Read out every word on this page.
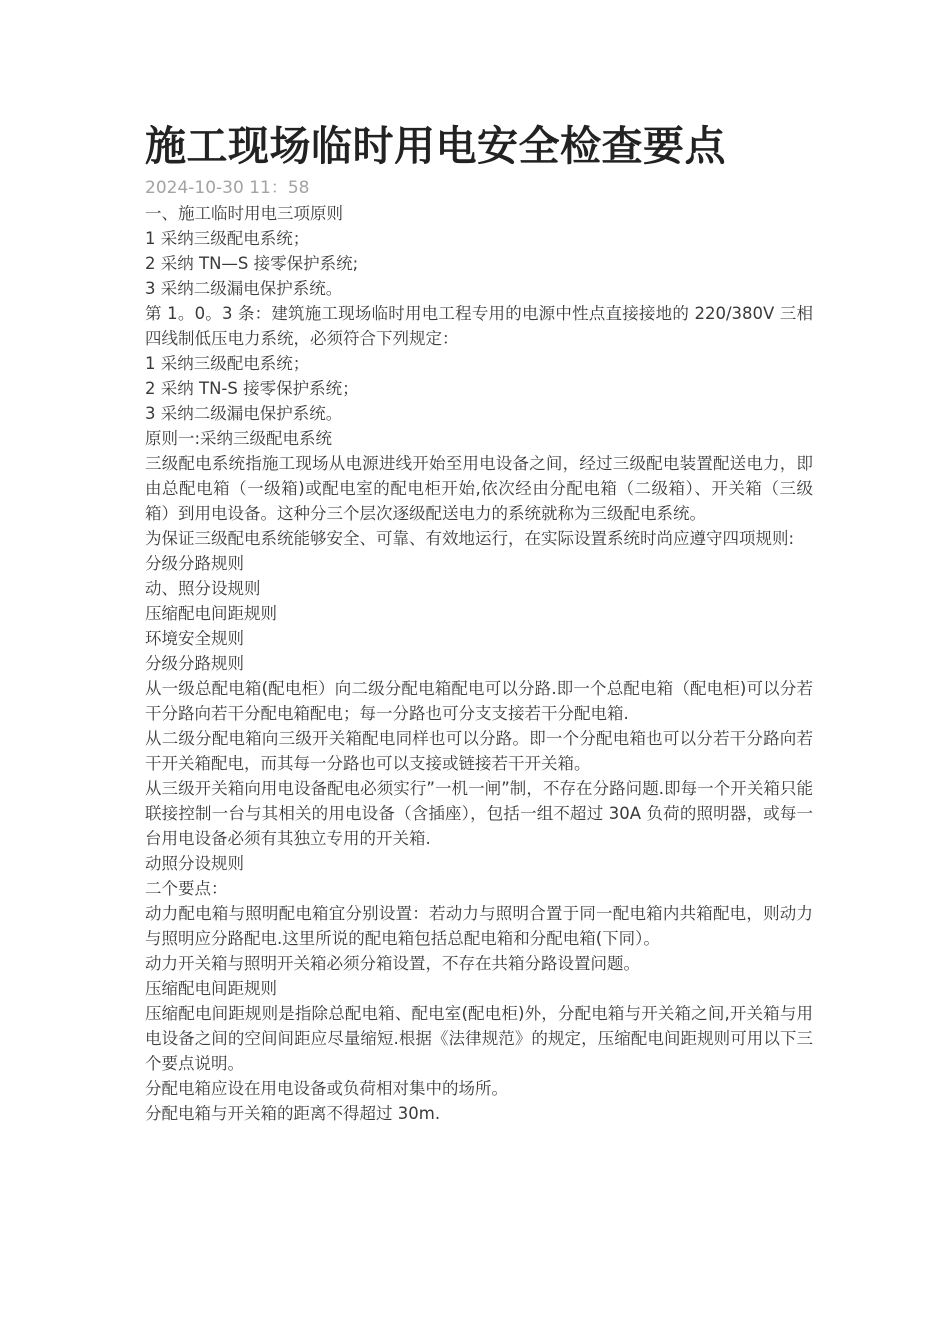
施工现场临时用电安全检查要点
2024-10-30 11：58

一、施工临时用电三项原则

1 采纳三级配电系统；

2 采纳 TN—S 接零保护系统;

3 采纳二级漏电保护系统。

第 1。0。3 条：建筑施工现场临时用电工程专用的电源中性点直接接地的 220/380V 三相四线制低压电力系统，必须符合下列规定：

1 采纳三级配电系统；

2 采纳 TN-S 接零保护系统；

3 采纳二级漏电保护系统。

原则一:采纳三级配电系统

三级配电系统指施工现场从电源进线开始至用电设备之间，经过三级配电装置配送电力，即由总配电箱（一级箱)或配电室的配电柜开始,依次经由分配电箱（二级箱）、开关箱（三级箱）到用电设备。这种分三个层次逐级配送电力的系统就称为三级配电系统。

为保证三级配电系统能够安全、可靠、有效地运行，在实际设置系统时尚应遵守四项规则:

分级分路规则

动、照分设规则

压缩配电间距规则

环境安全规则

分级分路规则

从一级总配电箱(配电柜）向二级分配电箱配电可以分路.即一个总配电箱（配电柜)可以分若干分路向若干分配电箱配电；每一分路也可分支支接若干分配电箱.

从二级分配电箱向三级开关箱配电同样也可以分路。即一个分配电箱也可以分若干分路向若干开关箱配电，而其每一分路也可以支接或链接若干开关箱。

从三级开关箱向用电设备配电必须实行”一机一闸”制，不存在分路问题.即每一个开关箱只能联接控制一台与其相关的用电设备（含插座），包括一组不超过 30A 负荷的照明器，或每一台用电设备必须有其独立专用的开关箱.

动照分设规则

二个要点：

动力配电箱与照明配电箱宜分别设置：若动力与照明合置于同一配电箱内共箱配电，则动力与照明应分路配电.这里所说的配电箱包括总配电箱和分配电箱(下同）。

动力开关箱与照明开关箱必须分箱设置，不存在共箱分路设置问题。

压缩配电间距规则

压缩配电间距规则是指除总配电箱、配电室(配电柜)外，分配电箱与开关箱之间,开关箱与用电设备之间的空间间距应尽量缩短.根据《法律规范》的规定，压缩配电间距规则可用以下三个要点说明。

分配电箱应设在用电设备或负荷相对集中的场所。

分配电箱与开关箱的距离不得超过 30m.
